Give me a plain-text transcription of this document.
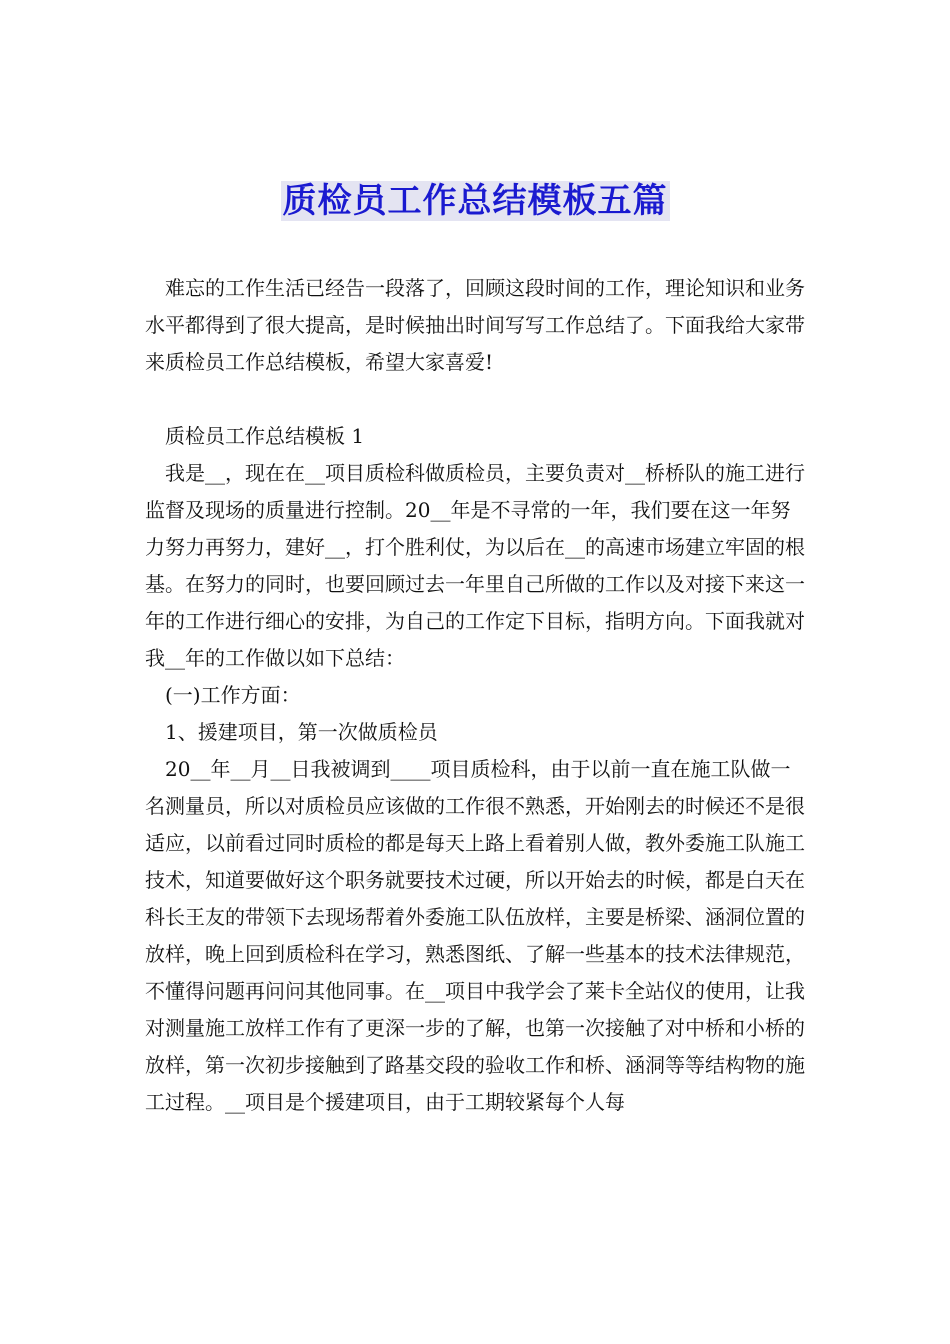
质检员工作总结模板五篇

难忘的工作生活已经告一段落了，回顾这段时间的工作，理论知识和业务水平都得到了很大提高，是时候抽出时间写写工作总结了。下面我给大家带来质检员工作总结模板，希望大家喜爱!

质检员工作总结模板 1

我是__，现在在__项目质检科做质检员，主要负责对__桥桥队的施工进行监督及现场的质量进行控制。20__年是不寻常的一年，我们要在这一年努力努力再努力，建好__，打个胜利仗，为以后在__的高速市场建立牢固的根基。在努力的同时，也要回顾过去一年里自己所做的工作以及对接下来这一年的工作进行细心的安排，为自己的工作定下目标，指明方向。下面我就对我__年的工作做以如下总结：

(一)工作方面：

1、援建项目，第一次做质检员

20__年__月__日我被调到____项目质检科，由于以前一直在施工队做一名测量员，所以对质检员应该做的工作很不熟悉，开始刚去的时候还不是很适应，以前看过同时质检的都是每天上路上看着别人做，教外委施工队施工技术，知道要做好这个职务就要技术过硬，所以开始去的时候，都是白天在科长王友的带领下去现场帮着外委施工队伍放样，主要是桥梁、涵洞位置的放样，晚上回到质检科在学习，熟悉图纸、了解一些基本的技术法律规范，不懂得问题再问问其他同事。在__项目中我学会了莱卡全站仪的使用，让我对测量施工放样工作有了更深一步的了解，也第一次接触了对中桥和小桥的放样，第一次初步接触到了路基交段的验收工作和桥、涵洞等等结构物的施工过程。__项目是个援建项目，由于工期较紧每个人每
